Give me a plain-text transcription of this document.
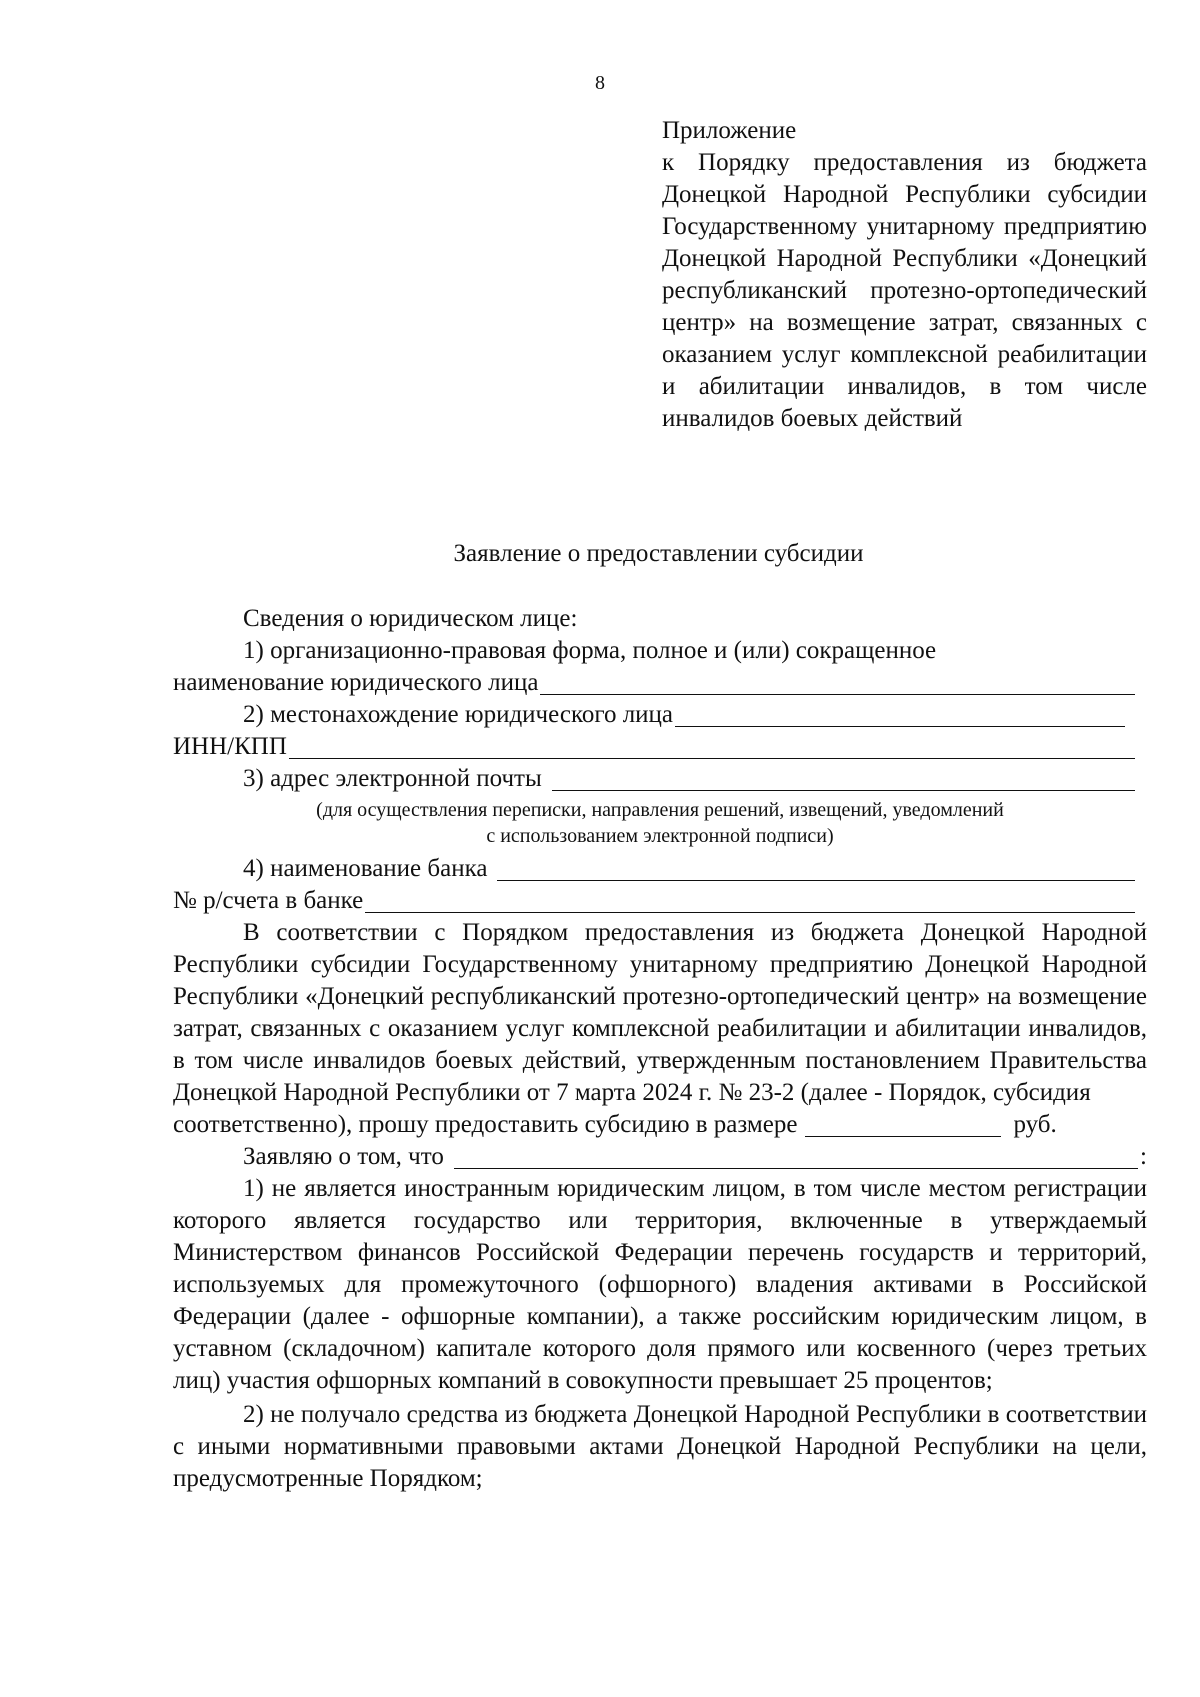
8
Приложение
к Порядку предоставления из бюджета Донецкой Народной Республики субсидии Государственному унитарному предприятию Донецкой Народной Республики «Донецкий республиканский протезно-ортопедический центр» на возмещение затрат, связанных с оказанием услуг комплексной реабилитации и абилитации инвалидов, в том числе инвалидов боевых действий
Заявление о предоставлении субсидии

Сведения о юридическом лице:

1) организационно-правовая форма, полное и (или) сокращенное

наименование юридического лица
2) местонахождение юридического лица
ИНН/КПП
3) адрес электронной почты
(для осуществления переписки, направления решений, извещений, уведомлений
с использованием электронной подписи)
4) наименование банка
№ р/счета в банке

В соответствии с Порядком предоставления из бюджета Донецкой Народной Республики субсидии Государственному унитарному предприятию Донецкой Народной Республики «Донецкий республиканский протезно-ортопедический центр» на возмещение затрат, связанных с оказанием услуг комплексной реабилитации и абилитации инвалидов, в том числе инвалидов боевых действий, утвержденным постановлением Правительства Донецкой Народной Республики от 7 марта 2024 г. № 23-2 (далее - Порядок, субсидия

соответственно), прошу предоставить субсидию в размере	руб.
Заявляю о том, что	:

1) не является иностранным юридическим лицом, в том числе местом регистрации которого является государство или территория, включенные в утверждаемый Министерством финансов Российской Федерации перечень государств и территорий, используемых для промежуточного (офшорного) владения активами в Российской Федерации (далее - офшорные компании), а также российским юридическим лицом, в уставном (складочном) капитале которого доля прямого или косвенного (через третьих лиц) участия офшорных компаний в совокупности превышает 25 процентов;

2) не получало средства из бюджета Донецкой Народной Республики в соответствии с иными нормативными правовыми актами Донецкой Народной Республики на цели, предусмотренные Порядком;
